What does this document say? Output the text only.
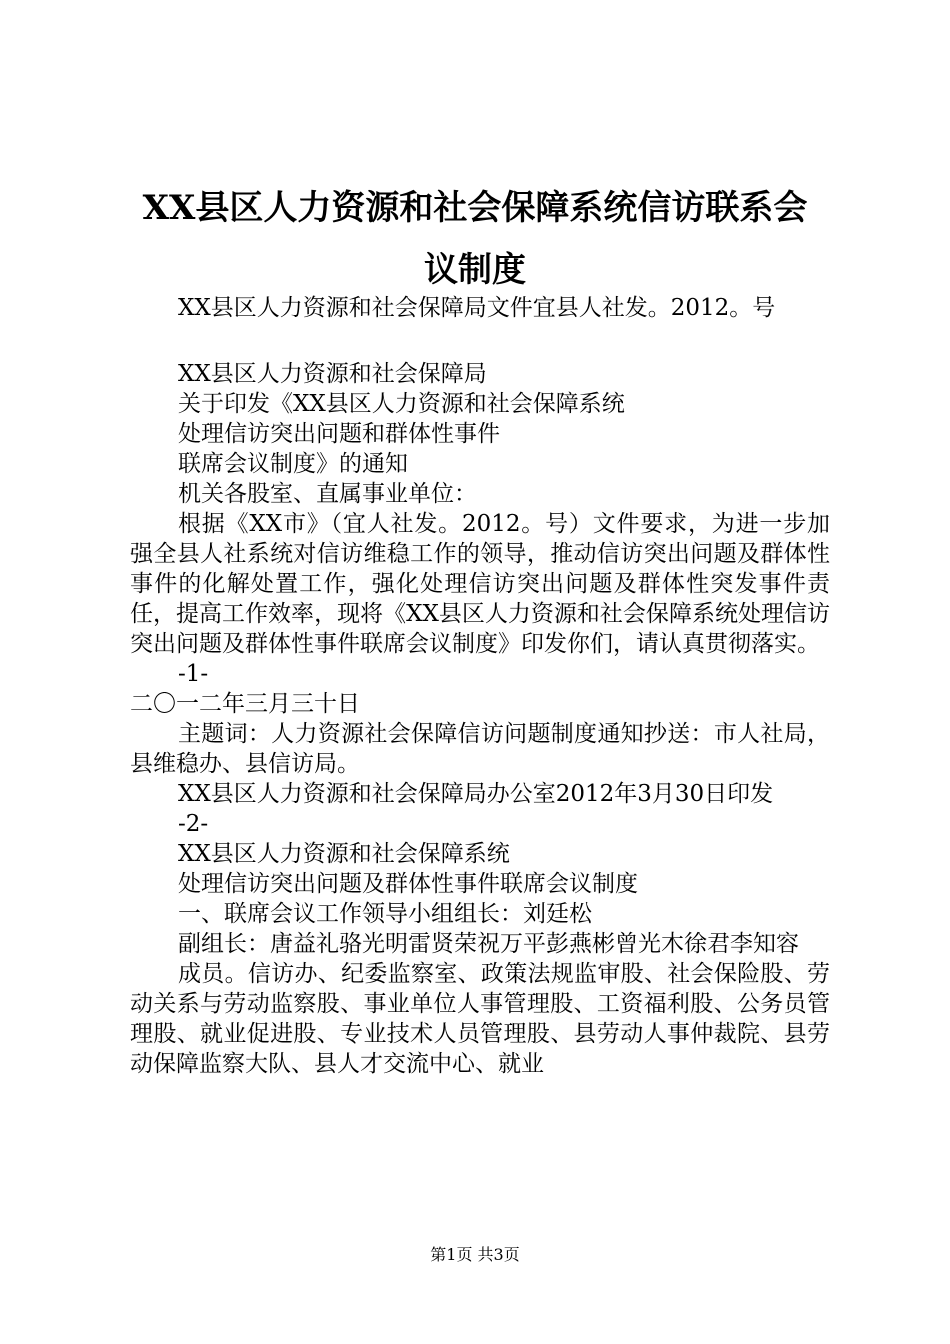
XX县区人力资源和社会保障系统信访联系会
议制度

XX县区人力资源和社会保障局文件宜县人社发。2012。号

XX县区人力资源和社会保障局

关于印发《XX县区人力资源和社会保障系统

处理信访突出问题和群体性事件

联席会议制度》的通知

机关各股室、直属事业单位：

根据《XX市》（宜人社发。2012。号）文件要求，为进一步加强全县人社系统对信访维稳工作的领导，推动信访突出问题及群体性事件的化解处置工作，强化处理信访突出问题及群体性突发事件责任，提高工作效率，现将《XX县区人力资源和社会保障系统处理信访突出问题及群体性事件联席会议制度》印发你们，请认真贯彻落实。

-1-

二〇一二年三月三十日

主题词：人力资源社会保障信访问题制度通知抄送：市人社局，县维稳办、县信访局。

XX县区人力资源和社会保障局办公室2012年3月30日印发

-2-

XX县区人力资源和社会保障系统

处理信访突出问题及群体性事件联席会议制度

一、联席会议工作领导小组组长：刘廷松

副组长：唐益礼骆光明雷贤荣祝万平彭燕彬曾光木徐君李知容

成员。信访办、纪委监察室、政策法规监审股、社会保险股、劳动关系与劳动监察股、事业单位人事管理股、工资福利股、公务员管理股、就业促进股、专业技术人员管理股、县劳动人事仲裁院、县劳动保障监察大队、县人才交流中心、就业

第1页 共3页
